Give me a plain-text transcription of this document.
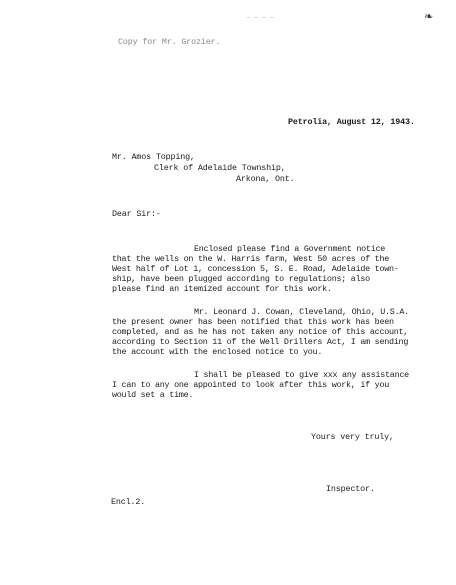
~ ~ ~ ~	❧
Copy for Mr. Grozier.
Petrolia, August 12, 1943.
Mr. Amos Topping,
Clerk of Adelaide Township,
Arkona, Ont.
Dear Sir:-
Enclosed please find a Government notice
that the wells on the W. Harris farm, West 50 acres of the
West half of Lot 1, concession 5, S. E. Road, Adelaide town-
ship, have been plugged according to regulations; also
please find an itemized account for this work.
Mr. Leonard J. Cowan, Cleveland, Ohio, U.S.A.
the present owner has been notified that this work has been
completed, and as he has not taken any notice of this account,
according to Section 11 of the Well Drillers Act, I am sending
the account with the enclosed notice to you.
I shall be pleased to give xxx any assistance
I can to any one appointed to look after this work, if you
would set a time.
Yours very truly,
Inspector.
Encl.2.
